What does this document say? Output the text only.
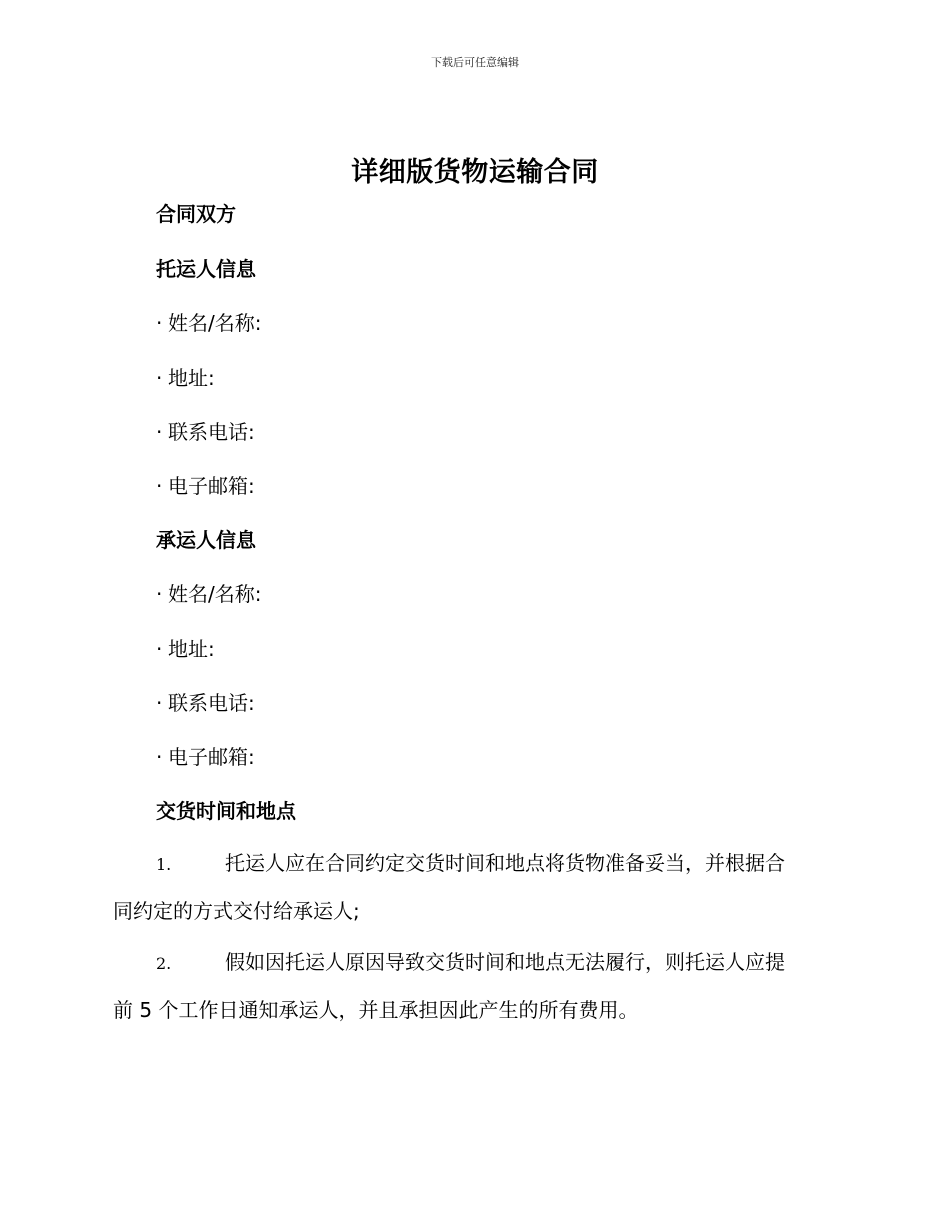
下载后可任意编辑
详细版货物运输合同
合同双方
托运人信息
· 姓名/名称:
· 地址:
· 联系电话:
· 电子邮箱:
承运人信息
· 姓名/名称:
· 地址:
· 联系电话:
· 电子邮箱:
交货时间和地点
1.	托运人应在合同约定交货时间和地点将货物准备妥当，并根据合
同约定的方式交付给承运人;
2.	假如因托运人原因导致交货时间和地点无法履行，则托运人应提
前 5 个工作日通知承运人，并且承担因此产生的所有费用。
